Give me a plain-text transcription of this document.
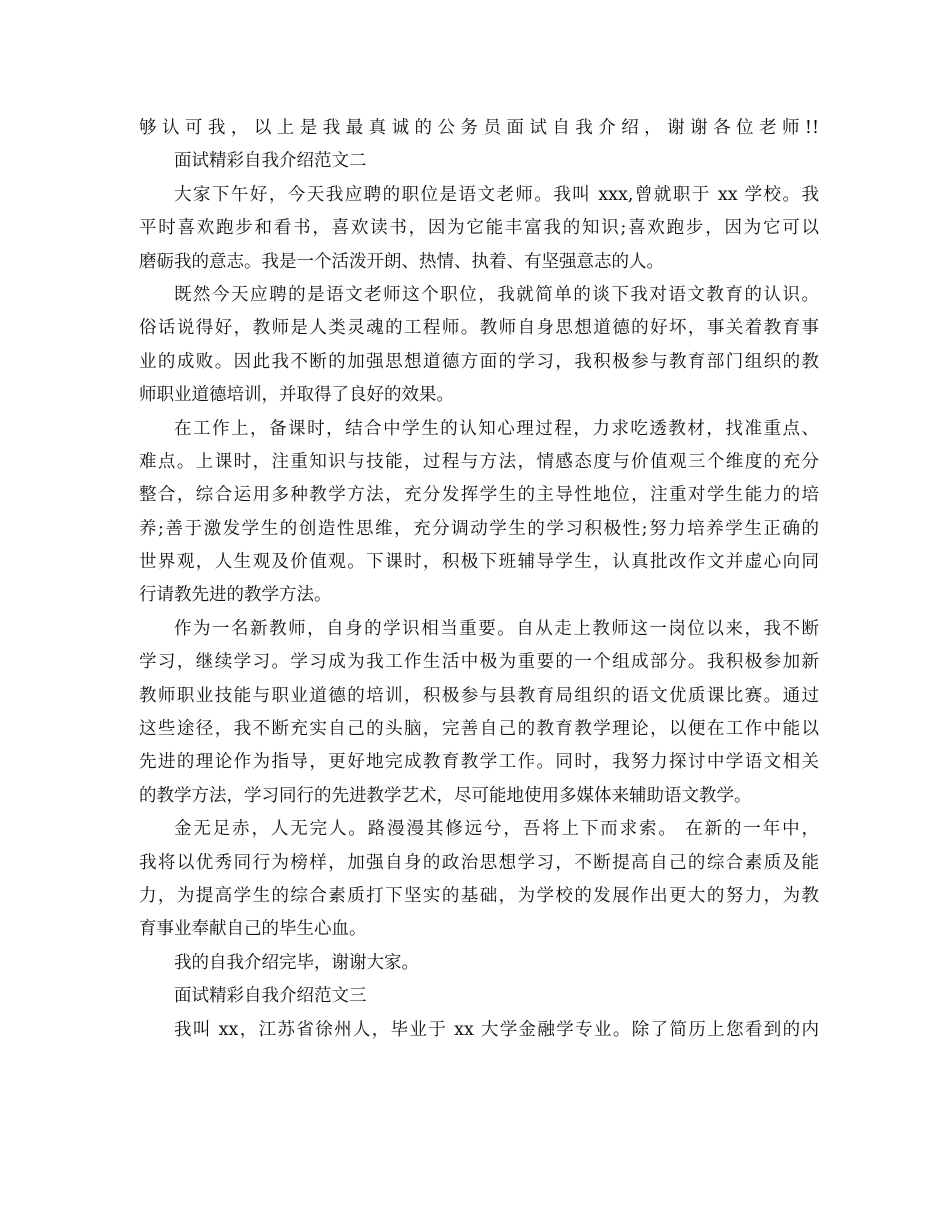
够认可我，以上是我最真诚的公务员面试自我介绍，谢谢各位老师!!
面试精彩自我介绍范文二
大家下午好，今天我应聘的职位是语文老师。我叫 xxx,曾就职于 xx 学校。我
平时喜欢跑步和看书，喜欢读书，因为它能丰富我的知识;喜欢跑步，因为它可以
磨砺我的意志。我是一个活泼开朗、热情、执着、有坚强意志的人。
既然今天应聘的是语文老师这个职位，我就简单的谈下我对语文教育的认识。
俗话说得好，教师是人类灵魂的工程师。教师自身思想道德的好坏，事关着教育事
业的成败。因此我不断的加强思想道德方面的学习，我积极参与教育部门组织的教
师职业道德培训，并取得了良好的效果。
在工作上，备课时，结合中学生的认知心理过程，力求吃透教材，找准重点、
难点。上课时，注重知识与技能，过程与方法，情感态度与价值观三个维度的充分
整合，综合运用多种教学方法，充分发挥学生的主导性地位，注重对学生能力的培
养;善于激发学生的创造性思维，充分调动学生的学习积极性;努力培养学生正确的
世界观，人生观及价值观。下课时，积极下班辅导学生，认真批改作文并虚心向同
行请教先进的教学方法。
作为一名新教师，自身的学识相当重要。自从走上教师这一岗位以来，我不断
学习，继续学习。学习成为我工作生活中极为重要的一个组成部分。我积极参加新
教师职业技能与职业道德的培训，积极参与县教育局组织的语文优质课比赛。通过
这些途径，我不断充实自己的头脑，完善自己的教育教学理论，以便在工作中能以
先进的理论作为指导，更好地完成教育教学工作。同时，我努力探讨中学语文相关
的教学方法，学习同行的先进教学艺术，尽可能地使用多媒体来辅助语文教学。
金无足赤，人无完人。路漫漫其修远兮，吾将上下而求索。 在新的一年中，
我将以优秀同行为榜样，加强自身的政治思想学习，不断提高自己的综合素质及能
力，为提高学生的综合素质打下坚实的基础，为学校的发展作出更大的努力，为教
育事业奉献自己的毕生心血。
我的自我介绍完毕，谢谢大家。
面试精彩自我介绍范文三
我叫 xx，江苏省徐州人，毕业于 xx 大学金融学专业。除了简历上您看到的内
